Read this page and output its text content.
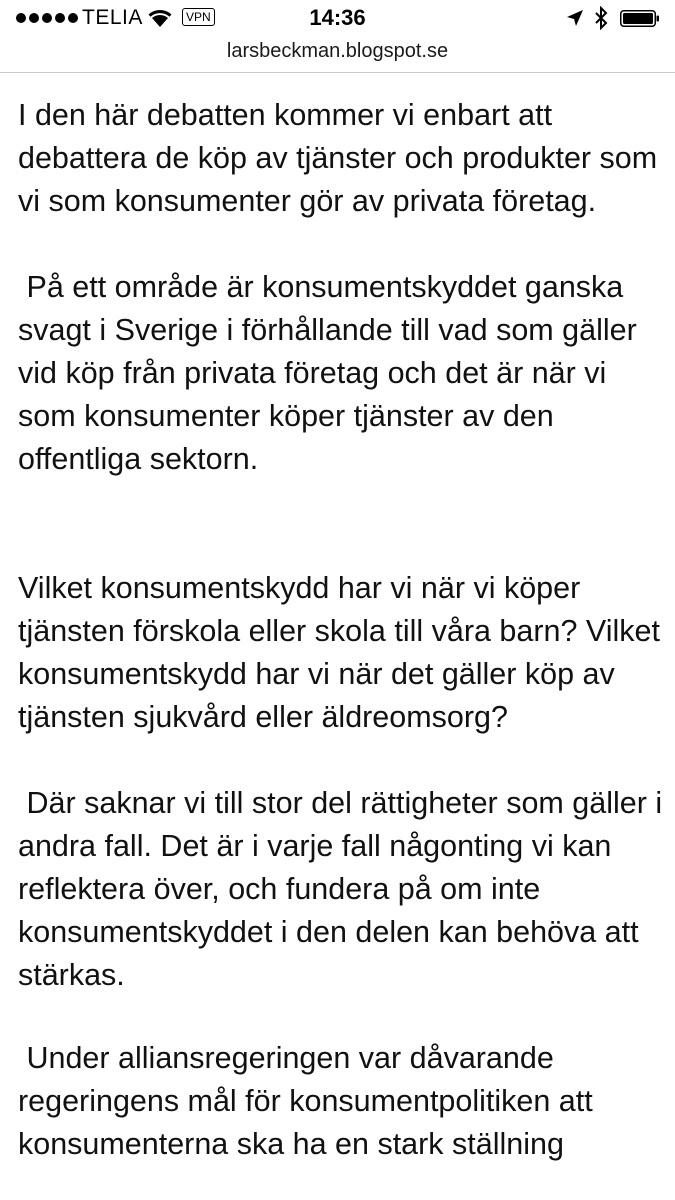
TELIA	VPN	14:36
larsbeckman.blogspot.se

I den här debatten kommer vi enbart att debattera de köp av tjänster och produkter som vi som konsumenter gör av privata företag.

På ett område är konsumentskyddet ganska svagt i Sverige i förhållande till vad som gäller vid köp från privata företag och det är när vi som konsumenter köper tjänster av den offentliga sektorn.

Vilket konsumentskydd har vi när vi köper tjänsten förskola eller skola till våra barn? Vilket konsumentskydd har vi när det gäller köp av tjänsten sjukvård eller äldreomsorg?

Där saknar vi till stor del rättigheter som gäller i andra fall. Det är i varje fall någonting vi kan reflektera över, och fundera på om inte konsumentskyddet i den delen kan behöva att stärkas.

Under alliansregeringen var dåvarande regeringens mål för konsumentpolitiken att konsumenterna ska ha en stark ställning
